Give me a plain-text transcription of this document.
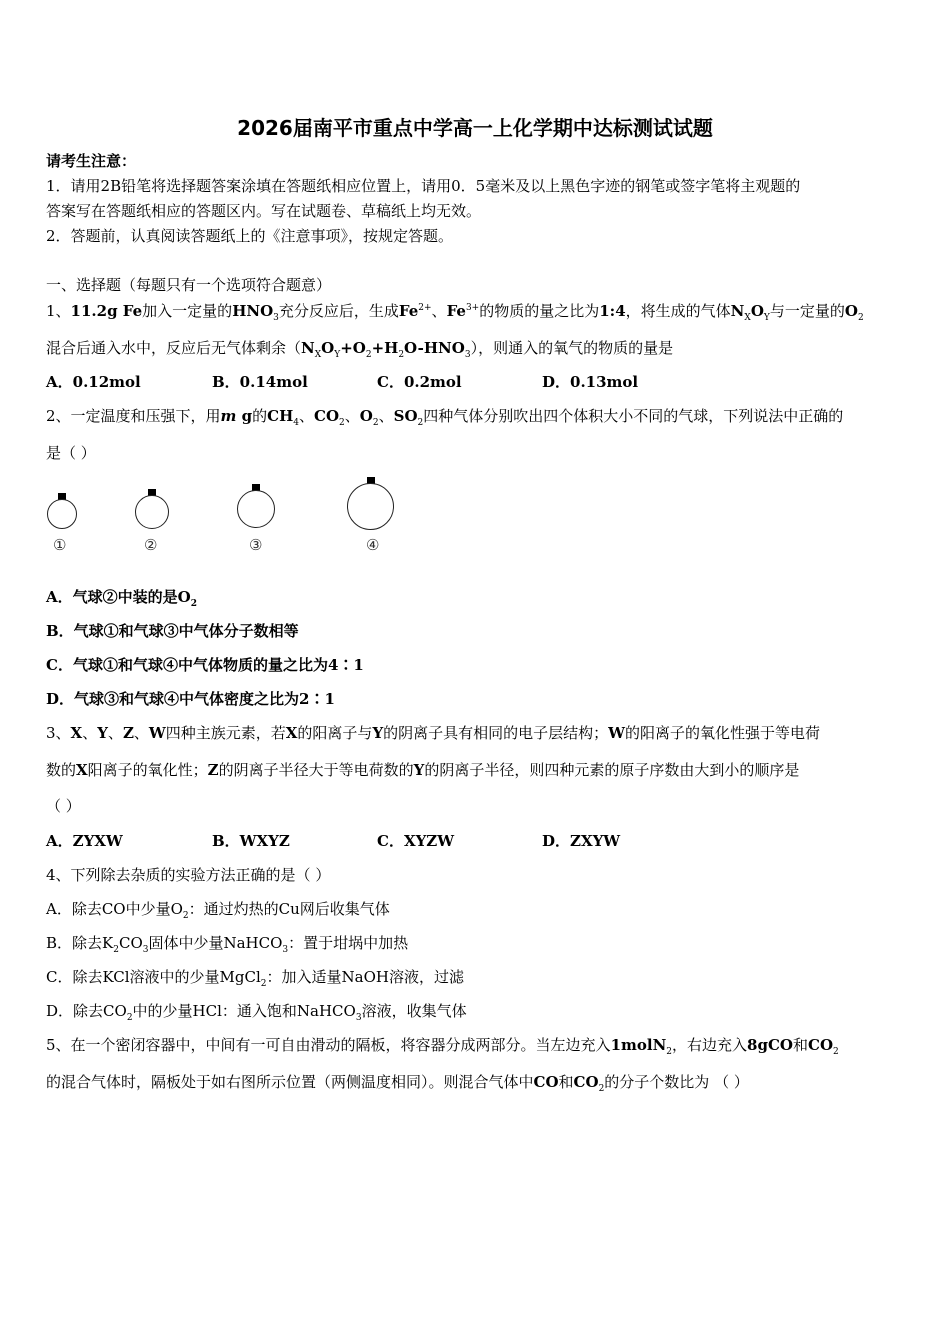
2026届南平市重点中学高一上化学期中达标测试试题
请考生注意：
1．请用2B铅笔将选择题答案涂填在答题纸相应位置上，请用0．5毫米及以上黑色字迹的钢笔或签字笔将主观题的
答案写在答题纸相应的答题区内。写在试题卷、草稿纸上均无效。
2．答题前，认真阅读答题纸上的《注意事项》，按规定答题。
一、选择题（每题只有一个选项符合题意）
1、11.2g Fe加入一定量的$HNO_3$充分反应后，生成$Fe^{2+}$、$Fe^{3+}$的物质的量之比为1:4，将生成的气体$N_XO_Y$与一定量的$O_2$
混合后通入水中，反应后无气体剩余$(N_XO_Y+O_2+H_2O-HNO_3)$，则通入的氧气的物质的量是
A．0.12mol	B．0.14mol	C．0.2mol	D．0.13mol
2、一定温度和压强下，用m g的$CH_4$、$CO_2$、$O_2$、$SO_2$四种气体分别吹出四个体积大小不同的气球，下列说法中正确的
是（ ）
①	②	③	④
A．气球②中装的是$O_2$
B．气球①和气球③中气体分子数相等
C．气球①和气球④中气体物质的量之比为4∶1
D．气球③和气球④中气体密度之比为2∶1
3、X、Y、Z、W四种主族元素，若X的阳离子与Y的阴离子具有相同的电子层结构；W的阳离子的氧化性强于等电荷
数的X阳离子的氧化性；Z的阴离子半径大于等电荷数的Y的阴离子半径，则四种元素的原子序数由大到小的顺序是
（ ）
A．ZYXW	B．WXYZ	C．XYZW	D．ZXYW
4、下列除去杂质的实验方法正确的是（ ）
A．除去CO中少量$O_2$：通过灼热的Cu网后收集气体
B．除去$K_2CO_3$固体中少量NaHCO$_3$：置于坩埚中加热
C．除去KCl溶液中的少量MgCl$_2$：加入适量NaOH溶液，过滤
D．除去$CO_2$中的少量HCl：通入饱和NaHCO$_3$溶液，收集气体
5、在一个密闭容器中，中间有一可自由滑动的隔板，将容器分成两部分。当左边充入1molN$_2$，右边充入8gCO和$CO_2$
的混合气体时，隔板处于如右图所示位置（两侧温度相同）。则混合气体中CO和$CO_2$的分子个数比为 （ ）
